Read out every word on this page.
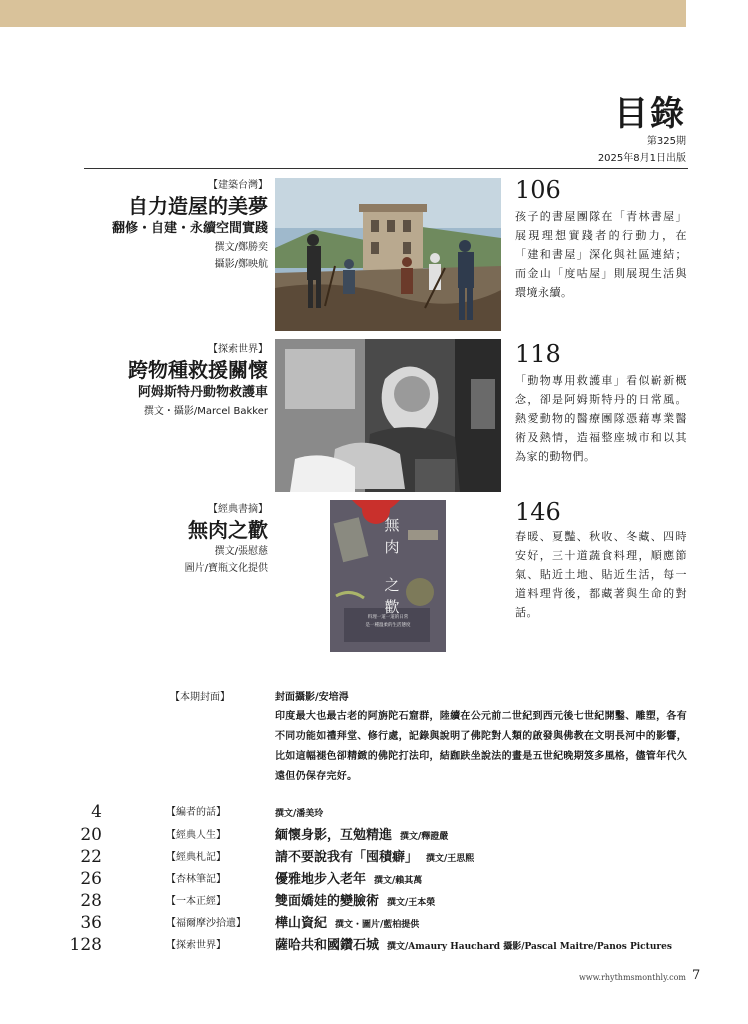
目錄
第325期
2025年8月1日出版
【建築台灣】
自力造屋的美夢
翻修・自建・永續空間實踐
撰文/鄭勝奕
攝影/鄭映航
106
孩子的書屋團隊在「青林書屋」展現理想實踐者的行動力，在「建和書屋」深化與社區連結；而金山「度咕屋」則展現生活與環境永續。
【探索世界】
跨物種救援關懷
阿姆斯特丹動物救護車
撰文・攝影/Marcel Bakker
118
「動物專用救護車」看似嶄新概念，卻是阿姆斯特丹的日常風。熱愛動物的醫療團隊憑藉專業醫術及熱情，造福整座城市和以其為家的動物們。
【經典書摘】
無肉之歡
撰文/張慰慈
圖片/寶瓶文化提供
無
肉
之
歡
料理一道一道的日常
是一種溫柔的生活態度
146
春暖、夏豔、秋收、冬藏、四時安好，三十道蔬食料理，順應節氣、貼近土地、貼近生活，每一道料理背後，都藏著與生命的對話。
【本期封面】	封面攝影/安培淂
印度最大也最古老的阿旃陀石窟群，陸續在公元前二世紀到西元後七世紀開鑿、雕塑，各有不同功能如禮拜堂、修行處，記錄與說明了佛陀對人類的啟發與佛教在文明長河中的影響，比如這幅褪色卻精緻的佛陀打法印，結跏趺坐說法的畫是五世紀晚期笈多風格，儘管年代久遠但仍保存完好。
4	【編者的話】	撰文/潘美玲
20	【經典人生】	緬懷身影，互勉精進 撰文/釋證嚴
22	【經典札記】	請不要說我有「囤積癖」 撰文/王思熙
26	【杏林筆記】	優雅地步入老年 撰文/賴其萬
28	【一本正經】	雙面嬌娃的變臉術 撰文/王本榮
36	【福爾摩沙拾遺】 樺山資紀 撰文・圖片/藍柏提供
128	【探索世界】	薩哈共和國鑽石城 撰文/Amaury Hauchard 攝影/Pascal Maitre/Panos Pictures
www.rhythmsmonthly.com 7
